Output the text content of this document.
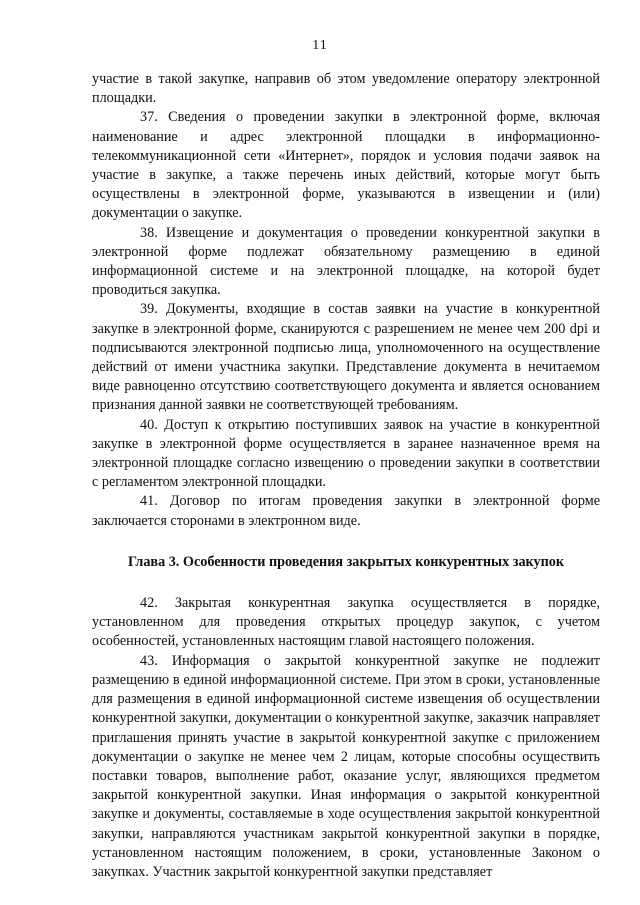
11

участие в такой закупке, направив об этом уведомление оператору электронной площадки.

37. Сведения о проведении закупки в электронной форме, включая наименование и адрес электронной площадки в информационно-телекоммуникационной сети «Интернет», порядок и условия подачи заявок на участие в закупке, а также перечень иных действий, которые могут быть осуществлены в электронной форме, указываются в извещении и (или) документации о закупке.

38. Извещение и документация о проведении конкурентной закупки в электронной форме подлежат обязательному размещению в единой информационной системе и на электронной площадке, на которой будет проводиться закупка.

39. Документы, входящие в состав заявки на участие в конкурентной закупке в электронной форме, сканируются с разрешением не менее чем 200 dpi и подписываются электронной подписью лица, уполномоченного на осуществление действий от имени участника закупки. Представление документа в нечитаемом виде равноценно отсутствию соответствующего документа и является основанием признания данной заявки не соответствующей требованиям.

40. Доступ к открытию поступивших заявок на участие в конкурентной закупке в электронной форме осуществляется в заранее назначенное время на электронной площадке согласно извещению о проведении закупки в соответствии с регламентом электронной площадки.

41. Договор по итогам проведения закупки в электронной форме заключается сторонами в электронном виде.

Глава 3. Особенности проведения закрытых конкурентных закупок

42. Закрытая конкурентная закупка осуществляется в порядке, установленном для проведения открытых процедур закупок, с учетом особенностей, установленных настоящим главой настоящего положения.

43. Информация о закрытой конкурентной закупке не подлежит размещению в единой информационной системе. При этом в сроки, установленные для размещения в единой информационной системе извещения об осуществлении конкурентной закупки, документации о конкурентной закупке, заказчик направляет приглашения принять участие в закрытой конкурентной закупке с приложением документации о закупке не менее чем 2 лицам, которые способны осуществить поставки товаров, выполнение работ, оказание услуг, являющихся предметом закрытой конкурентной закупки. Иная информация о закрытой конкурентной закупке и документы, составляемые в ходе осуществления закрытой конкурентной закупки, направляются участникам закрытой конкурентной закупки в порядке, установленном настоящим положением, в сроки, установленные Законом о закупках. Участник закрытой конкурентной закупки представляет
